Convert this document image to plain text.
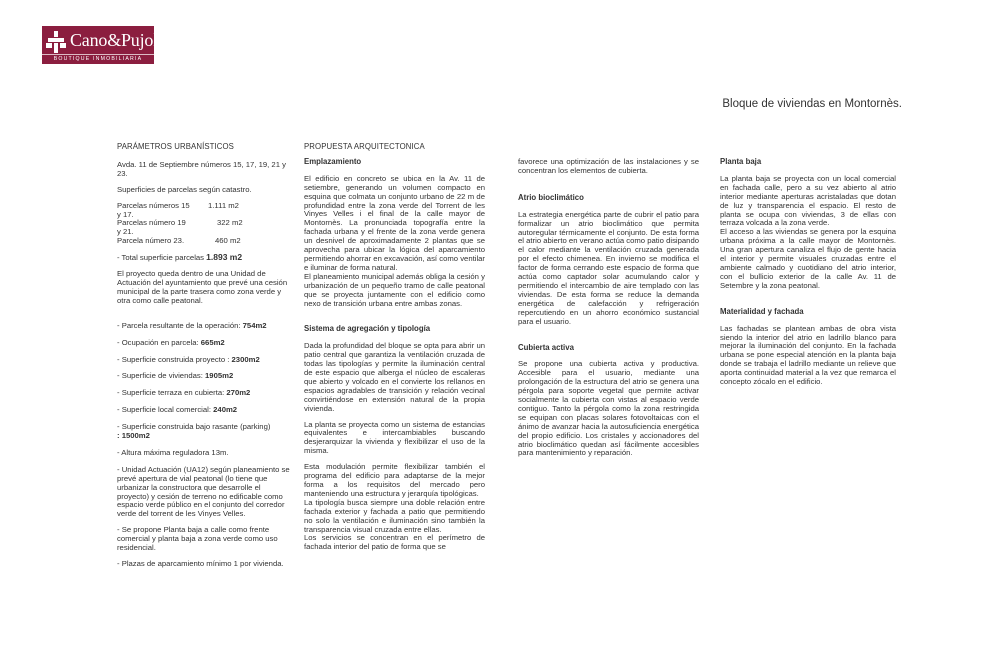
Cano&Pujol
BOUTIQUE INMOBILIARIA
Bloque de viviendas en Montornès.
PARÁMETROS URBANÍSTICOS

Avda. 11 de Septiembre números 15, 17, 19, 21 y 23.

Superficies de parcelas según catastro.

Parcelas números 15 y 17.
1.111 m2
Parcelas número 19 y 21.
322 m2
Parcela número 23.	460 m2

- Total superficie parcelas 1.893 m2

El proyecto queda dentro de una Unidad de Actuación del ayuntamiento que prevé una cesión municipal de la parte trasera como zona verde y otra como calle peatonal.

- Parcela resultante de la operación: 754m2

- Ocupación en parcela: 665m2

- Superficie construida proyecto : 2300m2

- Superficie de viviendas: 1905m2

- Superficie terraza en cubierta: 270m2

- Superficie local comercial: 240m2

- Superficie construida bajo rasante (parking)
: 1500m2

- Altura máxima reguladora 13m.

- Unidad Actuación (UA12) según planeamiento se prevé apertura de vial peatonal (lo tiene que urbanizar la constructora que desarrolle el proyecto) y cesión de terreno no edificable como espacio verde público en el conjunto del corredor verde del torrent de les Vinyes Velles.

- Se propone Planta baja a calle como frente comercial y planta baja a zona verde como uso residencial.

- Plazas de aparcamiento mínimo 1 por vivienda.

PROPUESTA ARQUITECTONICA
Emplazamiento

El edificio en concreto se ubica en la Av. 11 de setiembre, generando un volumen compacto en esquina que colmata un conjunto urbano de 22 m de profundidad entre la zona verde del Torrent de les Vinyes Velles i el final de la calle mayor de Montornès. La pronunciada topografía entre la fachada urbana y el frente de la zona verde genera un desnivel de aproximadamente 2 plantas que se aprovecha para ubicar la lógica del aparcamiento permitiendo ahorrar en excavación, así como ventilar e iluminar de forma natural.

El planeamiento municipal además obliga la cesión y urbanización de un pequeño tramo de calle peatonal que se proyecta juntamente con el edificio como nexo de transición urbana entre ambas zonas.

Sistema de agregación y tipología

Dada la profundidad del bloque se opta para abrir un patio central que garantiza la ventilación cruzada de todas las tipologías y permite la iluminación central de este espacio que alberga el núcleo de escaleras que abierto y volcado en el convierte los rellanos en espacios agradables de transición y relación vecinal convirtiéndose en extensión natural de la propia vivienda.

La planta se proyecta como un sistema de estancias equivalentes e intercambiables buscando desjerarquizar la vivienda y flexibilizar el uso de la misma.

Esta modulación permite flexibilizar también el programa del edificio para adaptarse de la mejor forma a los requisitos del mercado pero manteniendo una estructura y jerarquía tipológicas.

La tipología busca siempre una doble relación entre fachada exterior y fachada a patio que permitiendo no solo la ventilación e iluminación sino también la transparencia visual cruzada entre ellas.

Los servicios se concentran en el perímetro de fachada interior del patio de forma que se

favorece una optimización de las instalaciones y se concentran los elementos de cubierta.

Atrio bioclimático

La estrategia energética parte de cubrir el patio para formalizar un atrio bioclimático que permita autoregular térmicamente el conjunto. De esta forma el atrio abierto en verano actúa como patio disipando el calor mediante la ventilación cruzada generada por el efecto chimenea. En invierno se modifica el factor de forma cerrando este espacio de forma que actúa como captador solar acumulando calor y permitiendo el intercambio de aire templado con las viviendas. De esta forma se reduce la demanda energética de calefacción y refrigeración repercutiendo en un ahorro económico sustancial para el usuario.

Cubierta activa

Se propone una cubierta activa y productiva. Accesible para el usuario, mediante una prolongación de la estructura del atrio se genera una pérgola para soporte vegetal que permite activar socialmente la cubierta con vistas al espacio verde contiguo. Tanto la pérgola como la zona restringida se equipan con placas solares fotovoltaicas con el ánimo de avanzar hacia la autosuficiencia energética del propio edificio. Los cristales y accionadores del atrio bioclimático quedan así fácilmente accesibles para mantenimiento y reparación.

Planta baja

La planta baja se proyecta con un local comercial en fachada calle, pero a su vez abierto al atrio interior mediante aperturas acristaladas que dotan de luz y transparencia el espacio. El resto de planta se ocupa con viviendas, 3 de ellas con terraza volcada a la zona verde.

El acceso a las viviendas se genera por la esquina urbana próxima a la calle mayor de Montornès. Una gran apertura canaliza el flujo de gente hacia el interior y permite visuales cruzadas entre el ambiente calmado y cuotidiano del atrio interior, con el bullicio exterior de la calle Av. 11 de Setembre y la zona peatonal.

Materialidad y fachada

Las fachadas se plantean ambas de obra vista siendo la interior del atrio en ladrillo blanco para mejorar la iluminación del conjunto. En la fachada urbana se pone especial atención en la planta baja donde se trabaja el ladrillo mediante un relieve que aporta continuidad material a la vez que remarca el concepto zócalo en el edificio.
